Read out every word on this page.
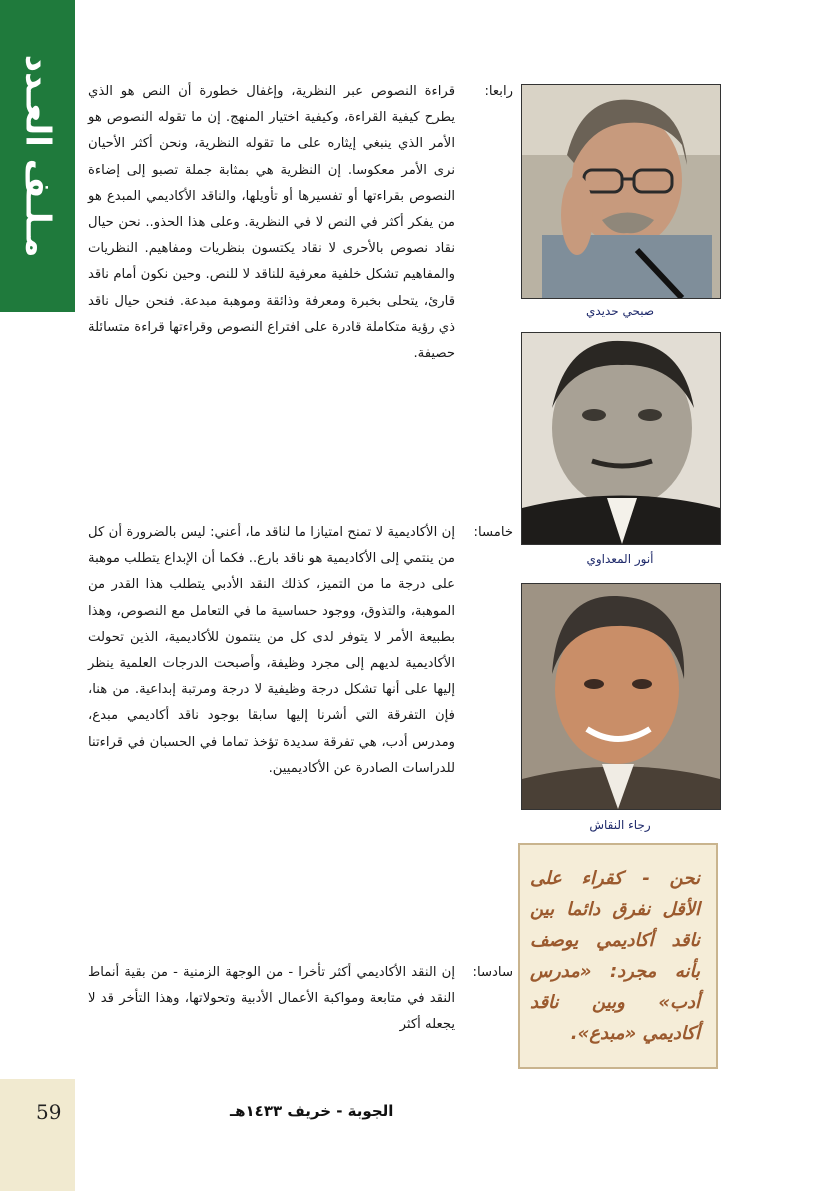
مـلـف العـدد	رابعا:
قراءة النصوص عبر النظرية، وإغفال خطورة أن النص هو الذي يطرح كيفية القراءة، وكيفية اختيار المنهج. إن ما تقوله النصوص هو الأمر الذي ينبغي إيثاره على ما تقوله النظرية، ونحن أكثر الأحيان نرى الأمر معكوسا. إن النظرية هي بمثابة جملة تصبو إلى إضاءة النصوص بقراءتها أو تفسيرها أو تأويلها، والناقد الأكاديمي المبدع هو من يفكر أكثر في النص لا في النظرية. وعلى هذا الحذو.. نحن حيال نقاد نصوص بالأحرى لا نقاد يكتسون بنظريات ومفاهيم. النظريات والمفاهيم تشكل خلفية معرفية للناقد لا للنص. وحين نكون أمام ناقد قارئ، يتحلى بخبرة ومعرفة وذائقة وموهبة مبدعة. فنحن حيال ناقد ذي رؤية متكاملة قادرة على افتراع النصوص وقراءتها قراءة متسائلة حصيفة.
خامسا:
إن الأكاديمية لا تمنح امتيازا ما لناقد ما، أعني: ليس بالضرورة أن كل من ينتمي إلى الأكاديمية هو ناقد بارع.. فكما أن الإبداع يتطلب موهبة على درجة ما من التميز، كذلك النقد الأدبي يتطلب هذا القدر من الموهبة، والتذوق، ووجود حساسية ما في التعامل مع النصوص، وهذا بطبيعة الأمر لا يتوفر لدى كل من ينتمون للأكاديمية، الذين تحولت الأكاديمية لديهم إلى مجرد وظيفة، وأصبحت الدرجات العلمية ينظر إليها على أنها تشكل درجة وظيفية لا درجة ومرتبة إبداعية. من هنا، فإن التفرقة التي أشرنا إليها سابقا بوجود ناقد أكاديمي مبدع، ومدرس أدب، هي تفرقة سديدة تؤخذ تماما في الحسبان في قراءتنا للدراسات الصادرة عن الأكاديميين.
سادسا:
إن النقد الأكاديمي أكثر تأخرا - من الوجهة الزمنية - من بقية أنماط النقد في متابعة ومواكبة الأعمال الأدبية وتحولاتها، وهذا التأخر قد لا يجعله أكثر
صبحي حديدي
أنور المعداوي
رجاء النقاش
نحن - كقراء على الأقل نفرق دائما بين ناقد أكاديمي يوصف بأنه مجرد: «مدرس أدب» وبين ناقد أكاديمي «مبدع».
59	الجوبة - خريف ١٤٣٣هـ
